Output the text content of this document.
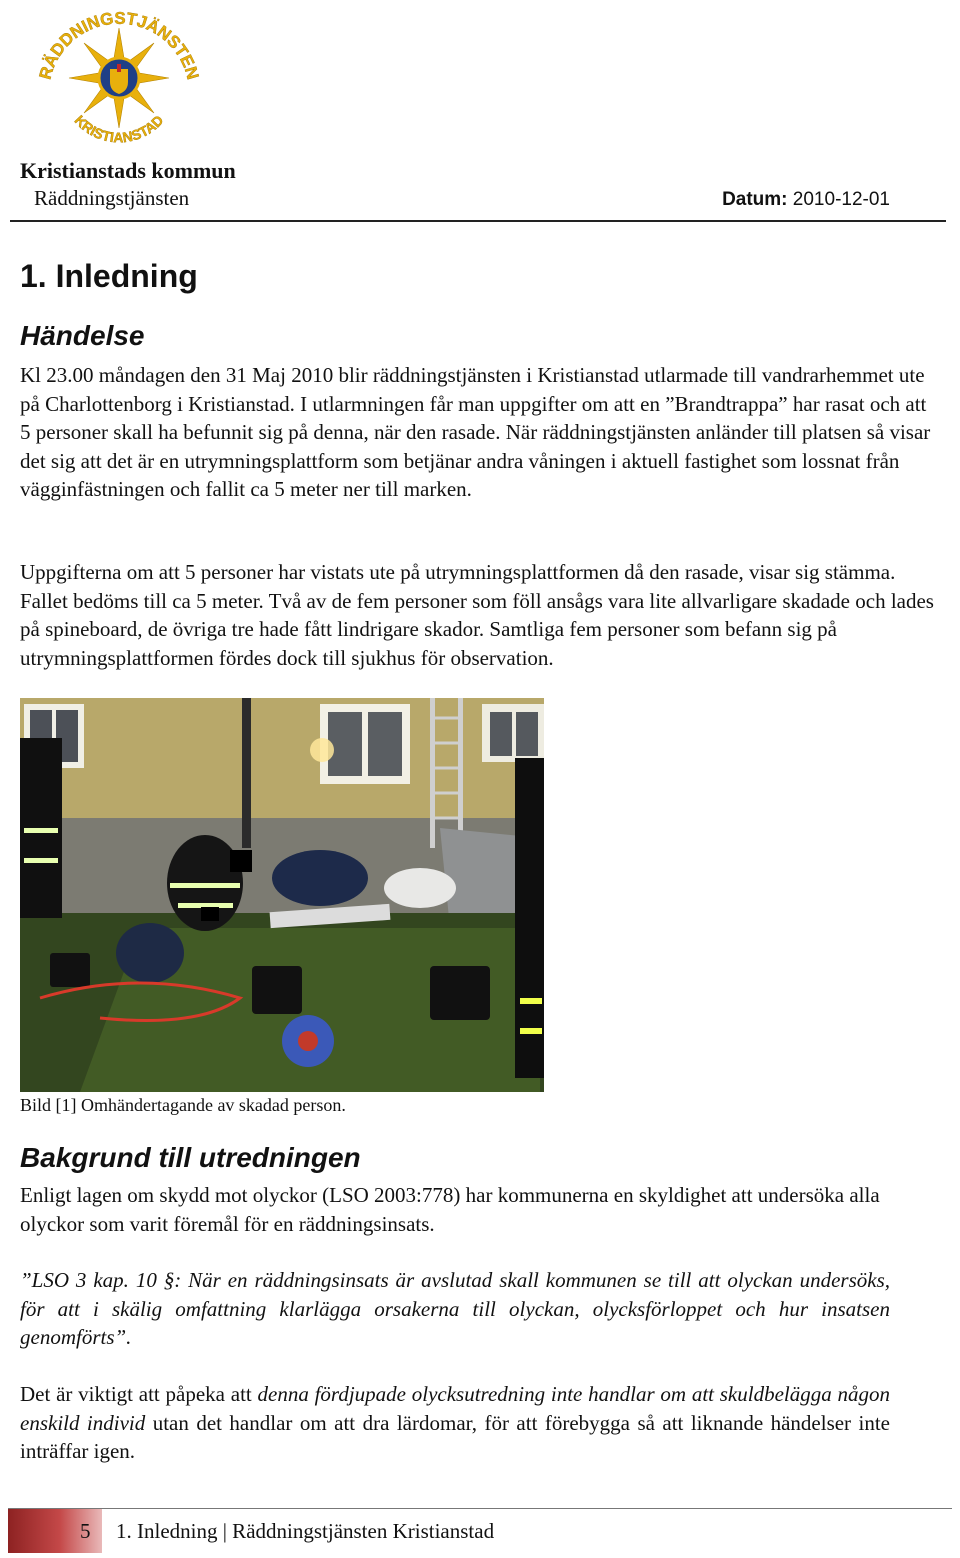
RÄDDNINGSTJÄNSTEN
KRISTIANSTAD
Kristianstads kommun
Räddningstjänsten	Datum: 2010-12-01
1. Inledning
Händelse

Kl 23.00 måndagen den 31 Maj 2010 blir räddningstjänsten i Kristianstad utlarmade till vandrarhemmet ute på Charlottenborg i Kristianstad. I utlarmningen får man uppgifter om att en ”Brandtrappa” har rasat och att 5 personer skall ha befunnit sig på denna, när den rasade. När räddningstjänsten anländer till platsen så visar det sig att det är en utrymningsplattform som betjänar andra våningen i aktuell fastighet som lossnat från vägginfästningen och fallit ca 5 meter ner till marken.

Uppgifterna om att 5 personer har vistats ute på utrymningsplattformen då den rasade, visar sig stämma. Fallet bedöms till ca 5 meter. Två av de fem personer som föll ansågs vara lite allvarligare skadade och lades på spineboard, de övriga tre hade fått lindrigare skador. Samtliga fem personer som befann sig på utrymningsplattformen fördes dock till sjukhus för observation.

Bild [1] Omhändertagande av skadad person.
Bakgrund till utredningen

Enligt lagen om skydd mot olyckor (LSO 2003:778) har kommunerna en skyldighet att undersöka alla olyckor som varit föremål för en räddningsinsats.

”LSO 3 kap. 10 §: När en räddningsinsats är avslutad skall kommunen se till att olyckan undersöks, för att i skälig omfattning klarlägga orsakerna till olyckan, olycksförloppet och hur insatsen genomförts”.

Det är viktigt att påpeka att denna fördjupade olycksutredning inte handlar om att skuldbelägga någon enskild individ utan det handlar om att dra lärdomar, för att förebygga så att liknande händelser inte inträffar igen.

5 1. Inledning | Räddningstjänsten Kristianstad
